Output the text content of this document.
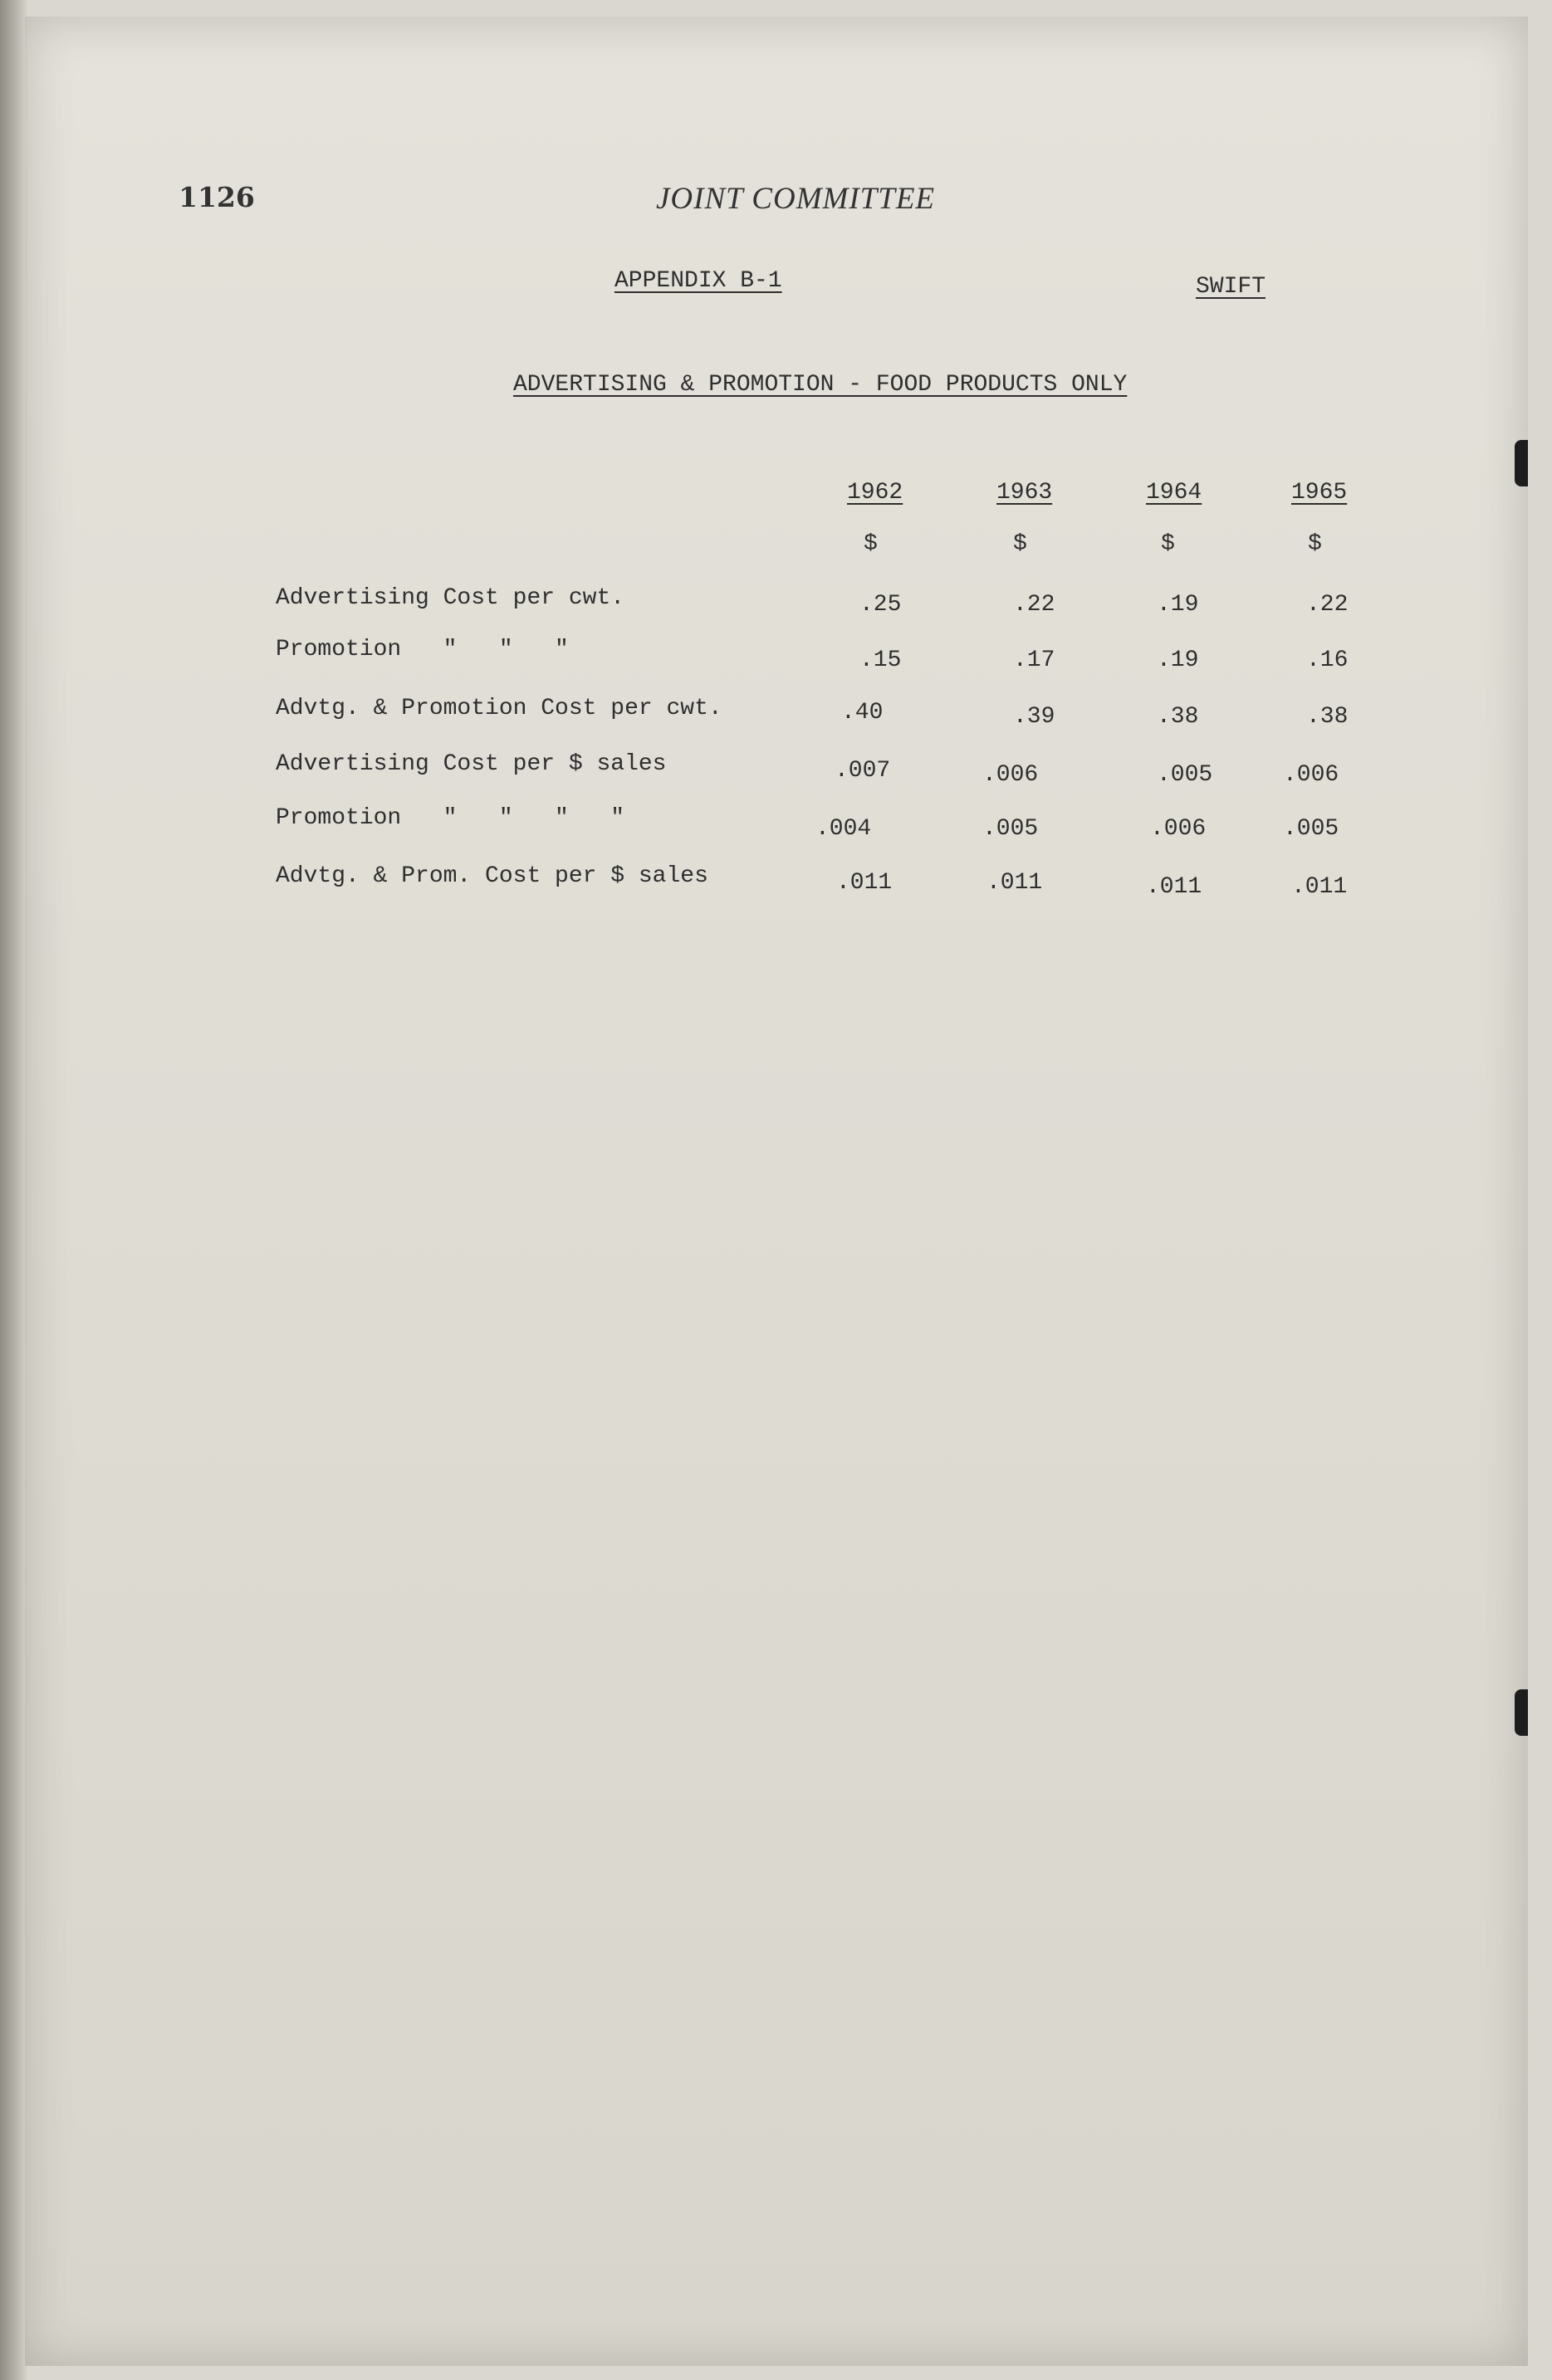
1126	JOINT COMMITTEE
APPENDIX B-1	SWIFT
ADVERTISING & PROMOTION - FOOD PRODUCTS ONLY
1962	1963	1964	1965
$	$	$	$
Advertising Cost per cwt.	.25	.22	.19	.22
Promotion   "   "   "	.15	.17	.19	.16
Advtg. & Promotion Cost per cwt.	.40	.39	.38	.38
Advertising Cost per $ sales	.007	.006	.005	.006
Promotion   "   "   "   "	.004	.005	.006	.005
Advtg. & Prom. Cost per $ sales	.011	.011	.011	.011
